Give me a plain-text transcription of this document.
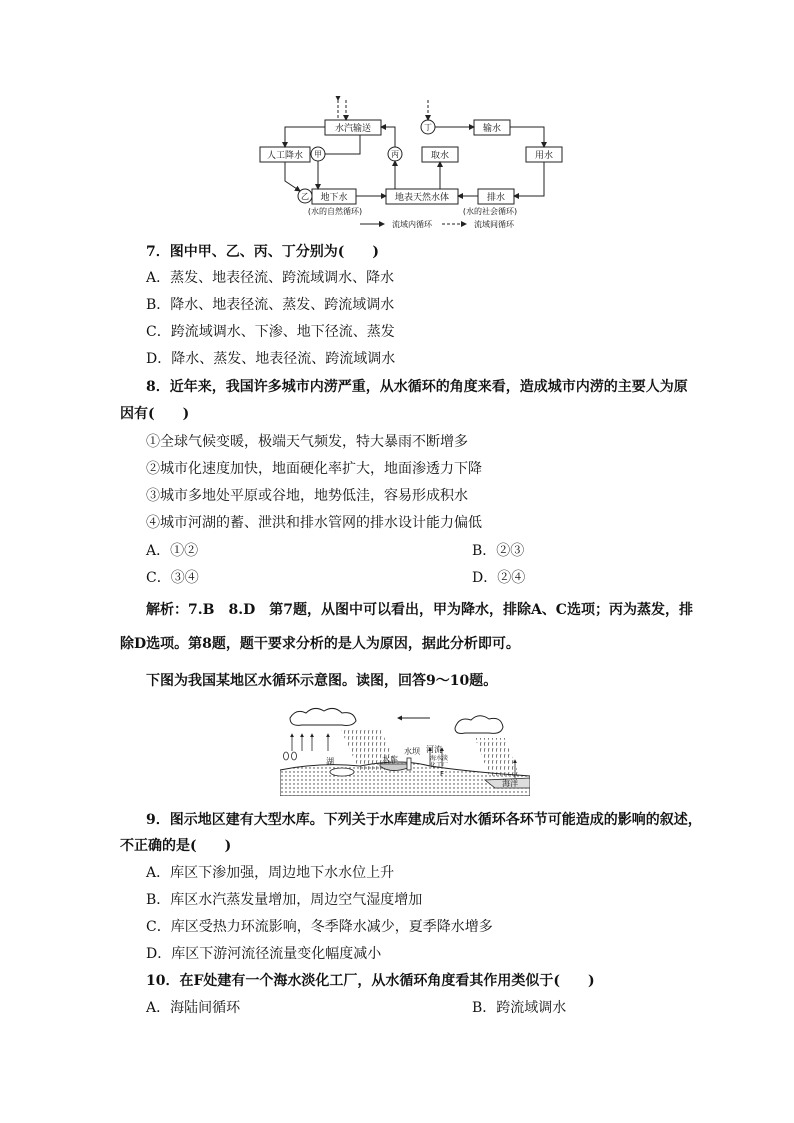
水汽输送
人工降水
地下水	地表天然水体
取水
输水
用水
排水
甲
乙
丙
丁
(水的自然循环)	(水的社会循环)
流域内循环	流域间循环
7．图中甲、乙、丙、丁分别为(　　)
A．蒸发、地表径流、跨流域调水、降水
B．降水、地表径流、蒸发、跨流域调水
C．跨流域调水、下渗、地下径流、蒸发
D．降水、蒸发、地表径流、跨流域调水
8．近年来，我国许多城市内涝严重，从水循环的角度来看，造成城市内涝的主要人为原
因有(　　)
①全球气候变暖，极端天气频发，特大暴雨不断增多
②城市化速度加快，地面硬化率扩大，地面渗透力下降
③城市多地处平原或谷地，地势低洼，容易形成积水
④城市河湖的蓄、泄洪和排水管网的排水设计能力偏低
A．①②	B．②③
C．③④	D．②④
解析：7.B　8.D　第7题，从图中可以看出，甲为降水，排除A、C选项；丙为蒸发，排
除D选项。第8题，题干要求分析的是人为原因，据此分析即可。
下图为我国某地区水循环示意图。读图，回答9～10题。
水坝 河流
海水淡
化工厂
水库
湖
海洋
F
9．图示地区建有大型水库。下列关于水库建成后对水循环各环节可能造成的影响的叙述，
不正确的是(　　)
A．库区下渗加强，周边地下水水位上升
B．库区水汽蒸发量增加，周边空气湿度增加
C．库区受热力环流影响，冬季降水减少，夏季降水增多
D．库区下游河流径流量变化幅度减小
10．在F处建有一个海水淡化工厂，从水循环角度看其作用类似于(　　)
A．海陆间循环	B．跨流域调水
